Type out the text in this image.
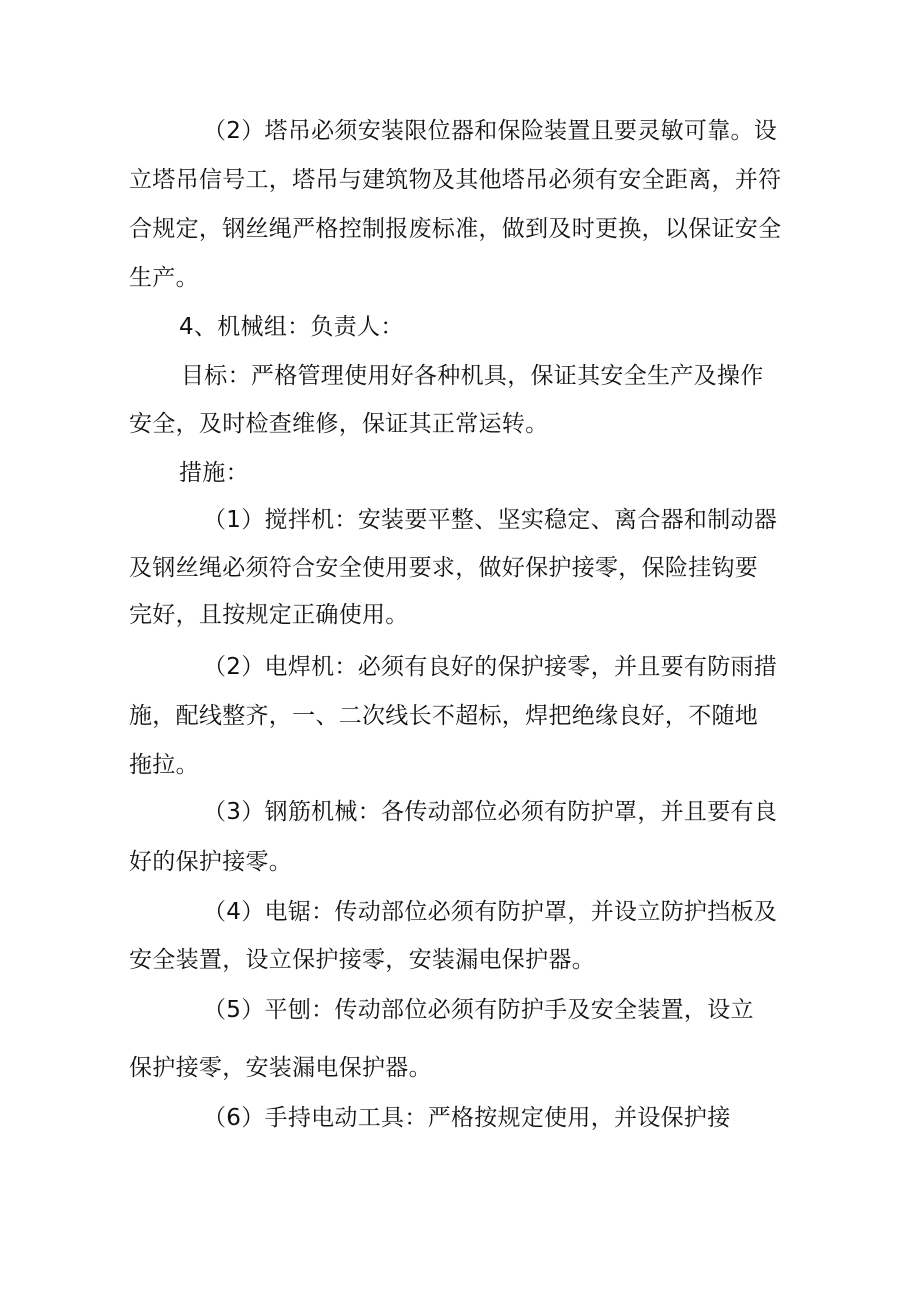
（2）塔吊必须安装限位器和保险装置且要灵敏可靠。设
立塔吊信号工，塔吊与建筑物及其他塔吊必须有安全距离，并符
合规定，钢丝绳严格控制报废标准，做到及时更换，以保证安全
生产。
4、机械组：负责人：
目标：严格管理使用好各种机具，保证其安全生产及操作
安全，及时检查维修，保证其正常运转。
措施：
（1）搅拌机：安装要平整、坚实稳定、离合器和制动器
及钢丝绳必须符合安全使用要求，做好保护接零，保险挂钩要
完好，且按规定正确使用。
（2）电焊机：必须有良好的保护接零，并且要有防雨措
施，配线整齐，一、二次线长不超标，焊把绝缘良好，不随地
拖拉。
（3）钢筋机械：各传动部位必须有防护罩，并且要有良
好的保护接零。
（4）电锯：传动部位必须有防护罩，并设立防护挡板及
安全装置，设立保护接零，安装漏电保护器。
（5）平刨：传动部位必须有防护手及安全装置，设立
保护接零，安装漏电保护器。
（6）手持电动工具：严格按规定使用，并设保护接
